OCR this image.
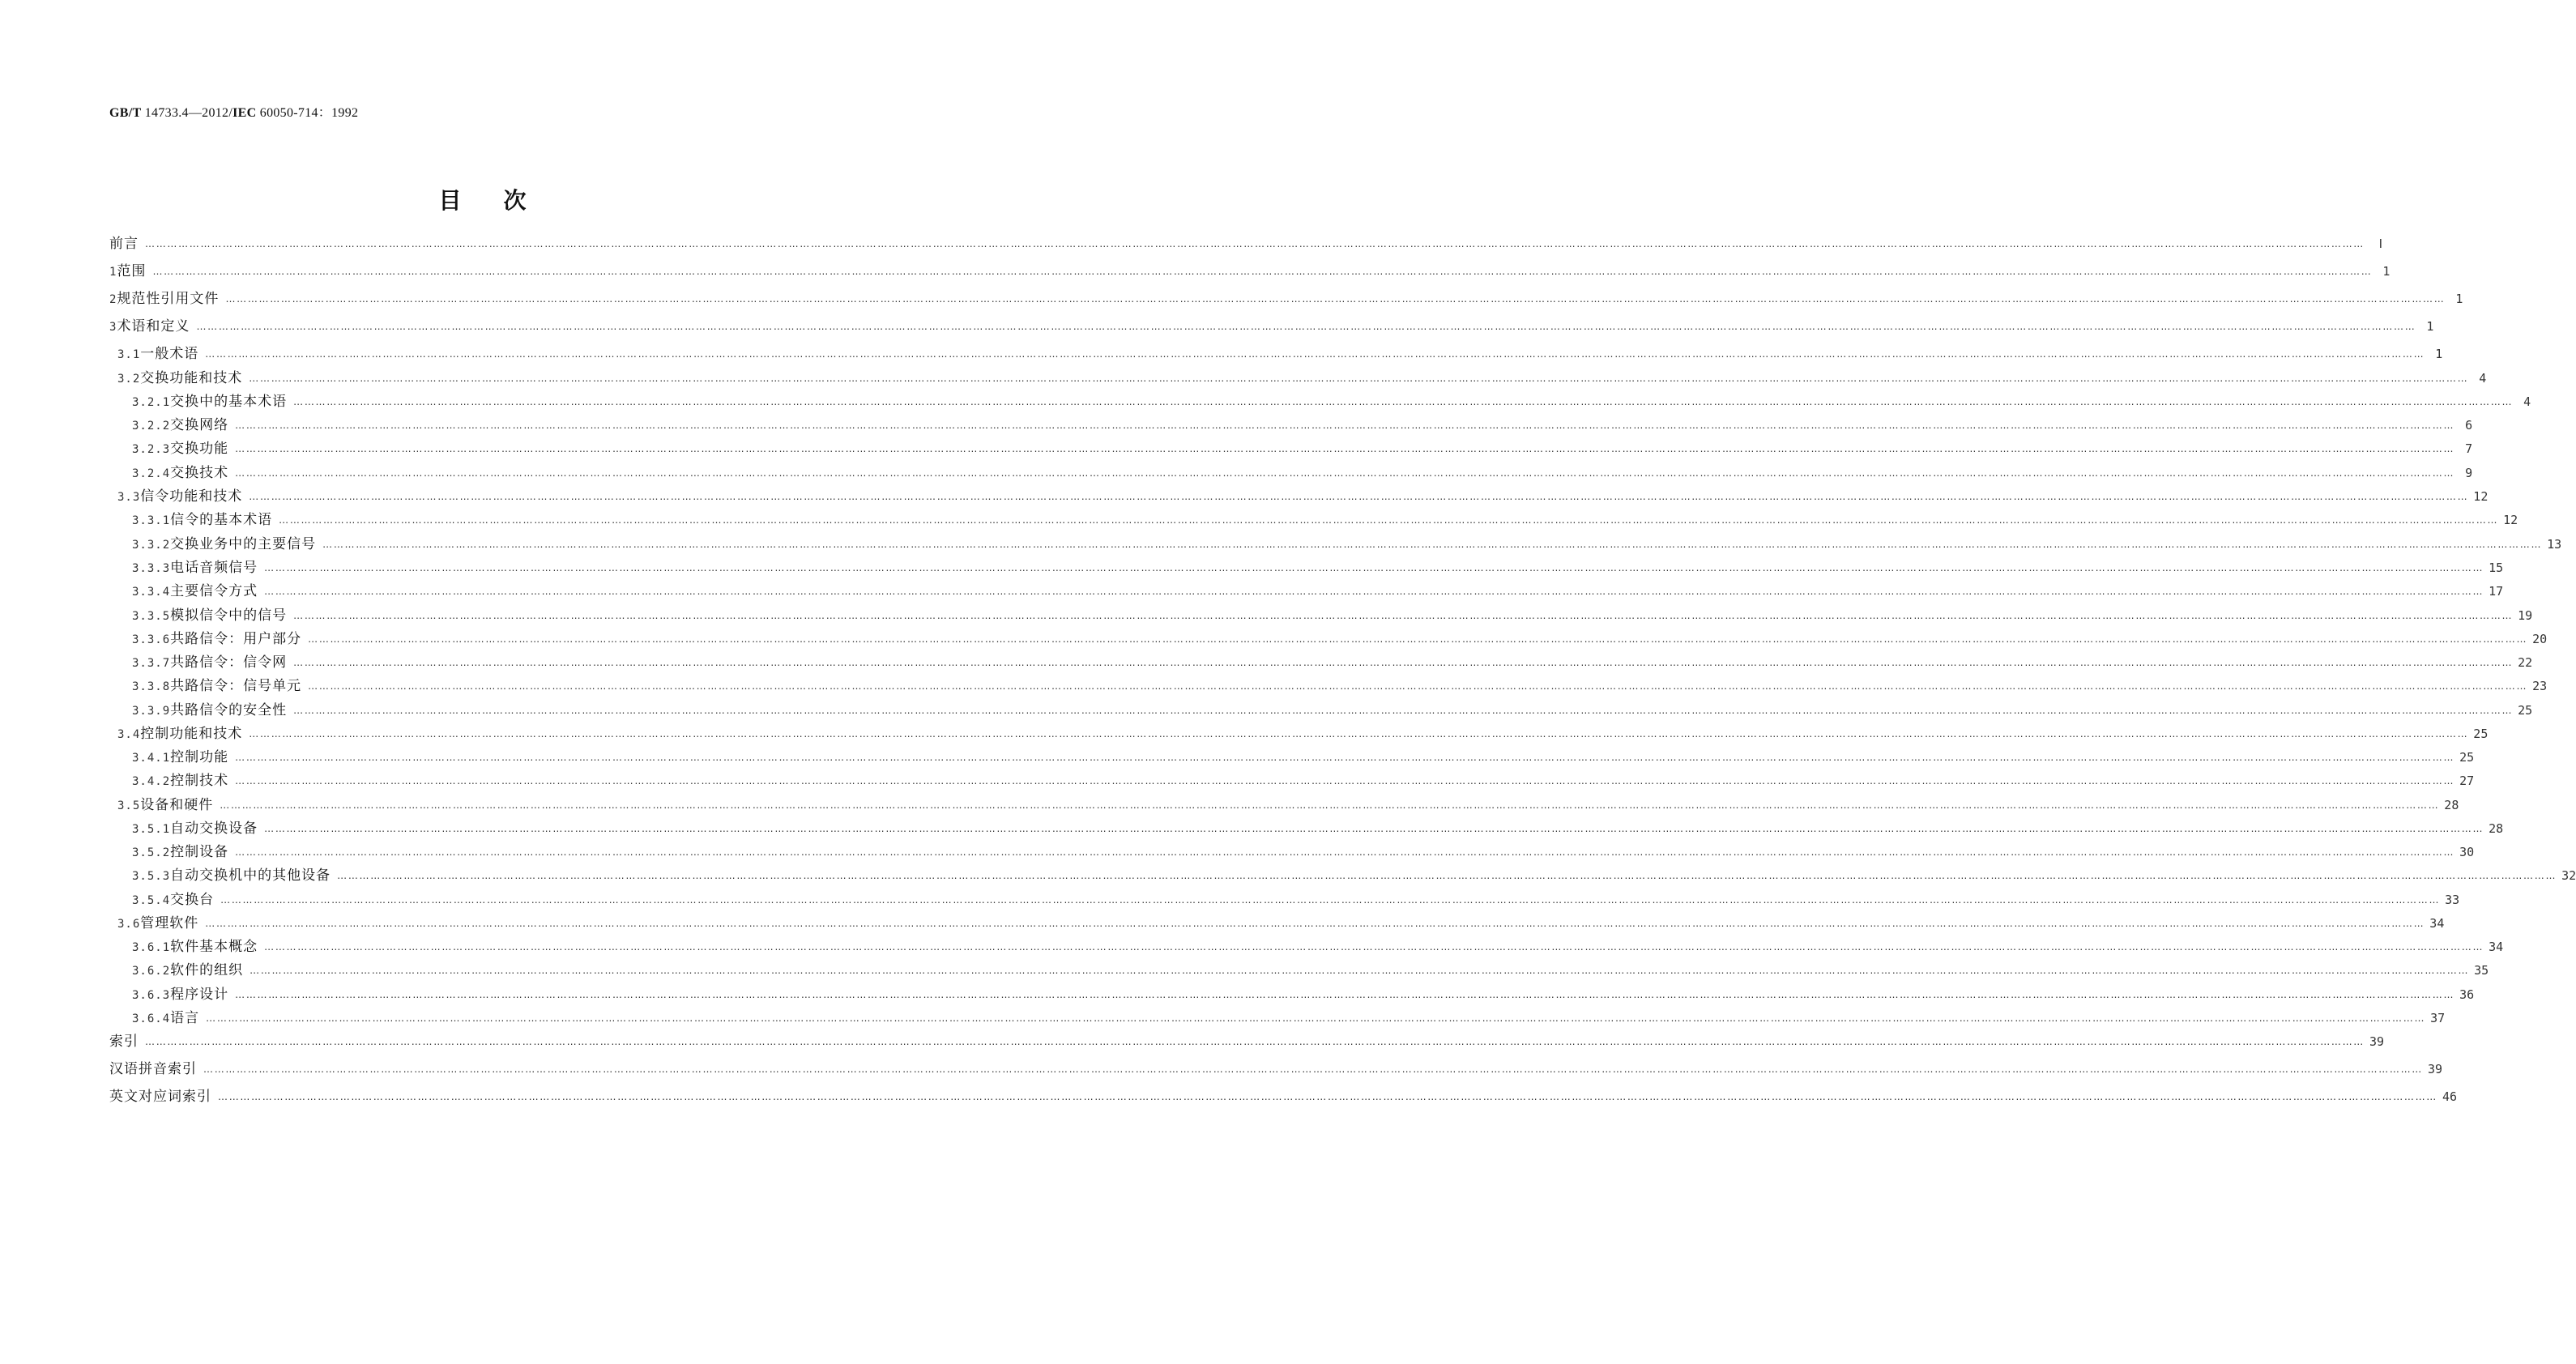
GB/T 14733.4—2012/IEC 60050-714：1992
目次
前言 ……………………………………………………………………………………………………………………………………………………………………………………………………………………………………………………………………………………………………………………………………………………………………………………………………………………………………………………………………………………………………………………………………………………	Ⅰ
1 范围 …………………………………………………………………………………………………………………………………………………………………………………………………………………………………………………………………………………………………………………………………………………………………………………………………………………………………………………………………………………………………………………………………………………… 1
2 规范性引用文件 …………………………………………………………………………………………………………………………………………………………………………………………………………………………………………………………………………………………………………………………………………………………………………………………………………………………………………………………………………………………………………………………………………………… 1
3 术语和定义 …………………………………………………………………………………………………………………………………………………………………………………………………………………………………………………………………………………………………………………………………………………………………………………………………………………………………………………………………………………………………………………………………………………… 1
3.1 一般术语 …………………………………………………………………………………………………………………………………………………………………………………………………………………………………………………………………………………………………………………………………………………………………………………………………………………………………………………………………………………………………………………………………………………… 1
3.2 交换功能和技术 …………………………………………………………………………………………………………………………………………………………………………………………………………………………………………………………………………………………………………………………………………………………………………………………………………………………………………………………………………………………………………………………………………………… 4
3.2.1 交换中的基本术语 …………………………………………………………………………………………………………………………………………………………………………………………………………………………………………………………………………………………………………………………………………………………………………………………………………………………………………………………………………………………………………………………………………………… 4
3.2.2 交换网络 …………………………………………………………………………………………………………………………………………………………………………………………………………………………………………………………………………………………………………………………………………………………………………………………………………………………………………………………………………………………………………………………………………………… 6
3.2.3 交换功能 …………………………………………………………………………………………………………………………………………………………………………………………………………………………………………………………………………………………………………………………………………………………………………………………………………………………………………………………………………………………………………………………………………………… 7
3.2.4 交换技术 …………………………………………………………………………………………………………………………………………………………………………………………………………………………………………………………………………………………………………………………………………………………………………………………………………………………………………………………………………………………………………………………………………………… 9
3.3 信令功能和技术 …………………………………………………………………………………………………………………………………………………………………………………………………………………………………………………………………………………………………………………………………………………………………………………………………………………………………………………………………………………………………………………………………………………… 12
3.3.1 信令的基本术语 …………………………………………………………………………………………………………………………………………………………………………………………………………………………………………………………………………………………………………………………………………………………………………………………………………………………………………………………………………………………………………………………………………………… 12
3.3.2 交换业务中的主要信号 …………………………………………………………………………………………………………………………………………………………………………………………………………………………………………………………………………………………………………………………………………………………………………………………………………………………………………………………………………………………………………………………………………………… 13
3.3.3 电话音频信号 …………………………………………………………………………………………………………………………………………………………………………………………………………………………………………………………………………………………………………………………………………………………………………………………………………………………………………………………………………………………………………………………………………………… 15
3.3.4 主要信令方式 …………………………………………………………………………………………………………………………………………………………………………………………………………………………………………………………………………………………………………………………………………………………………………………………………………………………………………………………………………………………………………………………………………………… 17
3.3.5 模拟信令中的信号 …………………………………………………………………………………………………………………………………………………………………………………………………………………………………………………………………………………………………………………………………………………………………………………………………………………………………………………………………………………………………………………………………………………… 19
3.3.6 共路信令：用户部分 …………………………………………………………………………………………………………………………………………………………………………………………………………………………………………………………………………………………………………………………………………………………………………………………………………………………………………………………………………………………………………………………………………………… 20
3.3.7 共路信令：信令网 …………………………………………………………………………………………………………………………………………………………………………………………………………………………………………………………………………………………………………………………………………………………………………………………………………………………………………………………………………………………………………………………………………………… 22
3.3.8 共路信令：信号单元 …………………………………………………………………………………………………………………………………………………………………………………………………………………………………………………………………………………………………………………………………………………………………………………………………………………………………………………………………………………………………………………………………………………… 23
3.3.9 共路信令的安全性 …………………………………………………………………………………………………………………………………………………………………………………………………………………………………………………………………………………………………………………………………………………………………………………………………………………………………………………………………………………………………………………………………………………… 25
3.4 控制功能和技术 …………………………………………………………………………………………………………………………………………………………………………………………………………………………………………………………………………………………………………………………………………………………………………………………………………………………………………………………………………………………………………………………………………………… 25
3.4.1 控制功能 …………………………………………………………………………………………………………………………………………………………………………………………………………………………………………………………………………………………………………………………………………………………………………………………………………………………………………………………………………………………………………………………………………………… 25
3.4.2 控制技术 …………………………………………………………………………………………………………………………………………………………………………………………………………………………………………………………………………………………………………………………………………………………………………………………………………………………………………………………………………………………………………………………………………………… 27
3.5 设备和硬件 …………………………………………………………………………………………………………………………………………………………………………………………………………………………………………………………………………………………………………………………………………………………………………………………………………………………………………………………………………………………………………………………………………………… 28
3.5.1 自动交换设备 …………………………………………………………………………………………………………………………………………………………………………………………………………………………………………………………………………………………………………………………………………………………………………………………………………………………………………………………………………………………………………………………………………………… 28
3.5.2 控制设备 …………………………………………………………………………………………………………………………………………………………………………………………………………………………………………………………………………………………………………………………………………………………………………………………………………………………………………………………………………………………………………………………………………………… 30
3.5.3 自动交换机中的其他设备 …………………………………………………………………………………………………………………………………………………………………………………………………………………………………………………………………………………………………………………………………………………………………………………………………………………………………………………………………………………………………………………………………………………… 32
3.5.4 交换台 …………………………………………………………………………………………………………………………………………………………………………………………………………………………………………………………………………………………………………………………………………………………………………………………………………………………………………………………………………………………………………………………………………………… 33
3.6 管理软件 …………………………………………………………………………………………………………………………………………………………………………………………………………………………………………………………………………………………………………………………………………………………………………………………………………………………………………………………………………………………………………………………………………………… 34
3.6.1 软件基本概念 …………………………………………………………………………………………………………………………………………………………………………………………………………………………………………………………………………………………………………………………………………………………………………………………………………………………………………………………………………………………………………………………………………………… 34
3.6.2 软件的组织 …………………………………………………………………………………………………………………………………………………………………………………………………………………………………………………………………………………………………………………………………………………………………………………………………………………………………………………………………………………………………………………………………………………… 35
3.6.3 程序设计 …………………………………………………………………………………………………………………………………………………………………………………………………………………………………………………………………………………………………………………………………………………………………………………………………………………………………………………………………………………………………………………………………………………… 36
3.6.4 语言 …………………………………………………………………………………………………………………………………………………………………………………………………………………………………………………………………………………………………………………………………………………………………………………………………………………………………………………………………………………………………………………………………………………… 37
索引 …………………………………………………………………………………………………………………………………………………………………………………………………………………………………………………………………………………………………………………………………………………………………………………………………………………………………………………………………………………………………………………………………………………… 39
汉语拼音索引 …………………………………………………………………………………………………………………………………………………………………………………………………………………………………………………………………………………………………………………………………………………………………………………………………………………………………………………………………………………………………………………………………………………… 39
英文对应词索引 …………………………………………………………………………………………………………………………………………………………………………………………………………………………………………………………………………………………………………………………………………………………………………………………………………………………………………………………………………………………………………………………………………………… 46
